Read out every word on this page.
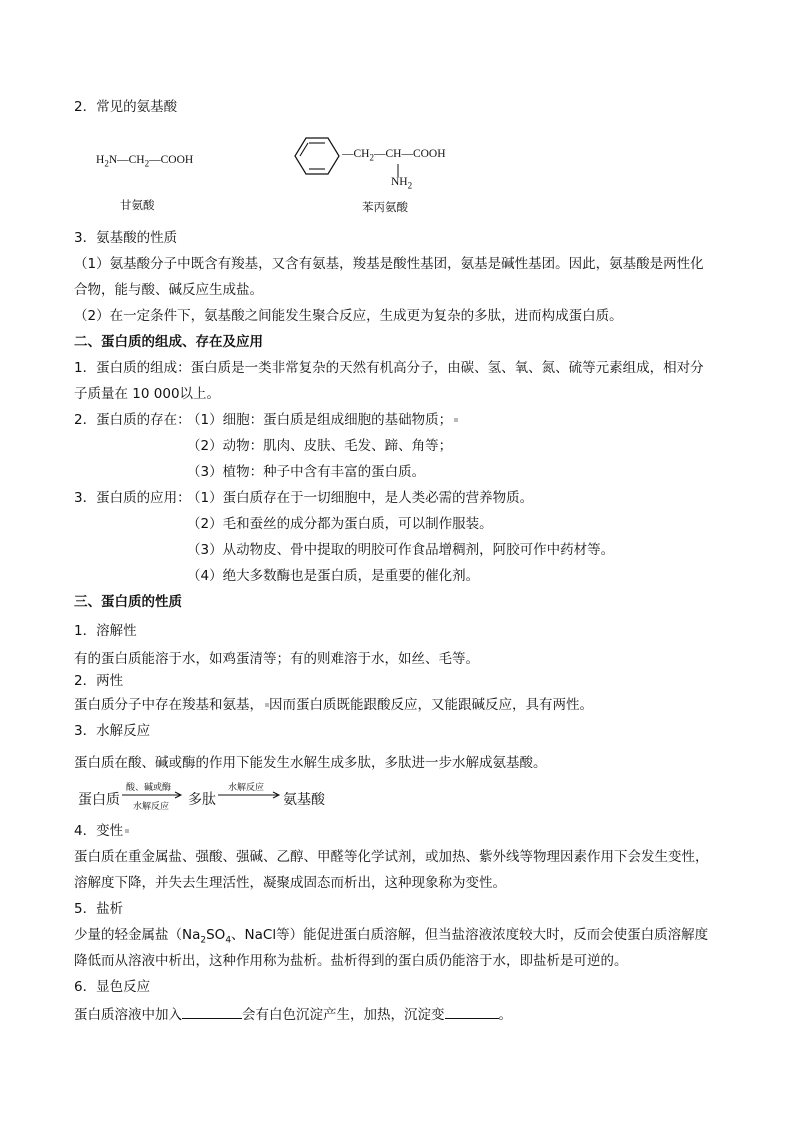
2．常见的氨基酸
$H_2N—CH_2—COOH$
甘氨酸
$—CH_2—CH—COOH$
$NH_2$
苯丙氨酸
3．氨基酸的性质
（1）氨基酸分子中既含有羧基，又含有氨基，羧基是酸性基团，氨基是碱性基团。因此，氨基酸是两性化
合物，能与酸、碱反应生成盐。
（2）在一定条件下，氨基酸之间能发生聚合反应，生成更为复杂的多肽，进而构成蛋白质。
二、蛋白质的组成、存在及应用
1．蛋白质的组成：蛋白质是一类非常复杂的天然有机高分子，由碳、氢、氧、氮、硫等元素组成，相对分
子质量在 10 000以上。
2．蛋白质的存在：
（1）细胞：蛋白质是组成细胞的基础物质；
（2）动物：肌肉、皮肤、毛发、蹄、角等；
（3）植物：种子中含有丰富的蛋白质。
3．蛋白质的应用：
（1）蛋白质存在于一切细胞中，是人类必需的营养物质。
（2）毛和蚕丝的成分都为蛋白质，可以制作服装。
（3）从动物皮、骨中提取的明胶可作食品增稠剂，阿胶可作中药材等。
（4）绝大多数酶也是蛋白质，是重要的催化剂。
三、蛋白质的性质
1．溶解性
有的蛋白质能溶于水，如鸡蛋清等；有的则难溶于水，如丝、毛等。
2．两性
蛋白质分子中存在羧基和氨基， 因而蛋白质既能跟酸反应，又能跟碱反应，具有两性。
3．水解反应
蛋白质在酸、碱或酶的作用下能发生水解生成多肽，多肽进一步水解成氨基酸。
蛋白质
酸、碱或酶
水解反应 多肽
水解反应
氨基酸
4．变性
蛋白质在重金属盐、强酸、强碱、乙醇、甲醛等化学试剂，或加热、紫外线等物理因素作用下会发生变性，
溶解度下降，并失去生理活性，凝聚成固态而析出，这种现象称为变性。
5．盐析
少量的轻金属盐（$Na_2SO_4$、NaCl等）能促进蛋白质溶解，但当盐溶液浓度较大时，反而会使蛋白质溶解度
降低而从溶液中析出，这种作用称为盐析。盐析得到的蛋白质仍能溶于水，即盐析是可逆的。
6．显色反应
蛋白质溶液中加入	会有白色沉淀产生，加热，沉淀变	。
